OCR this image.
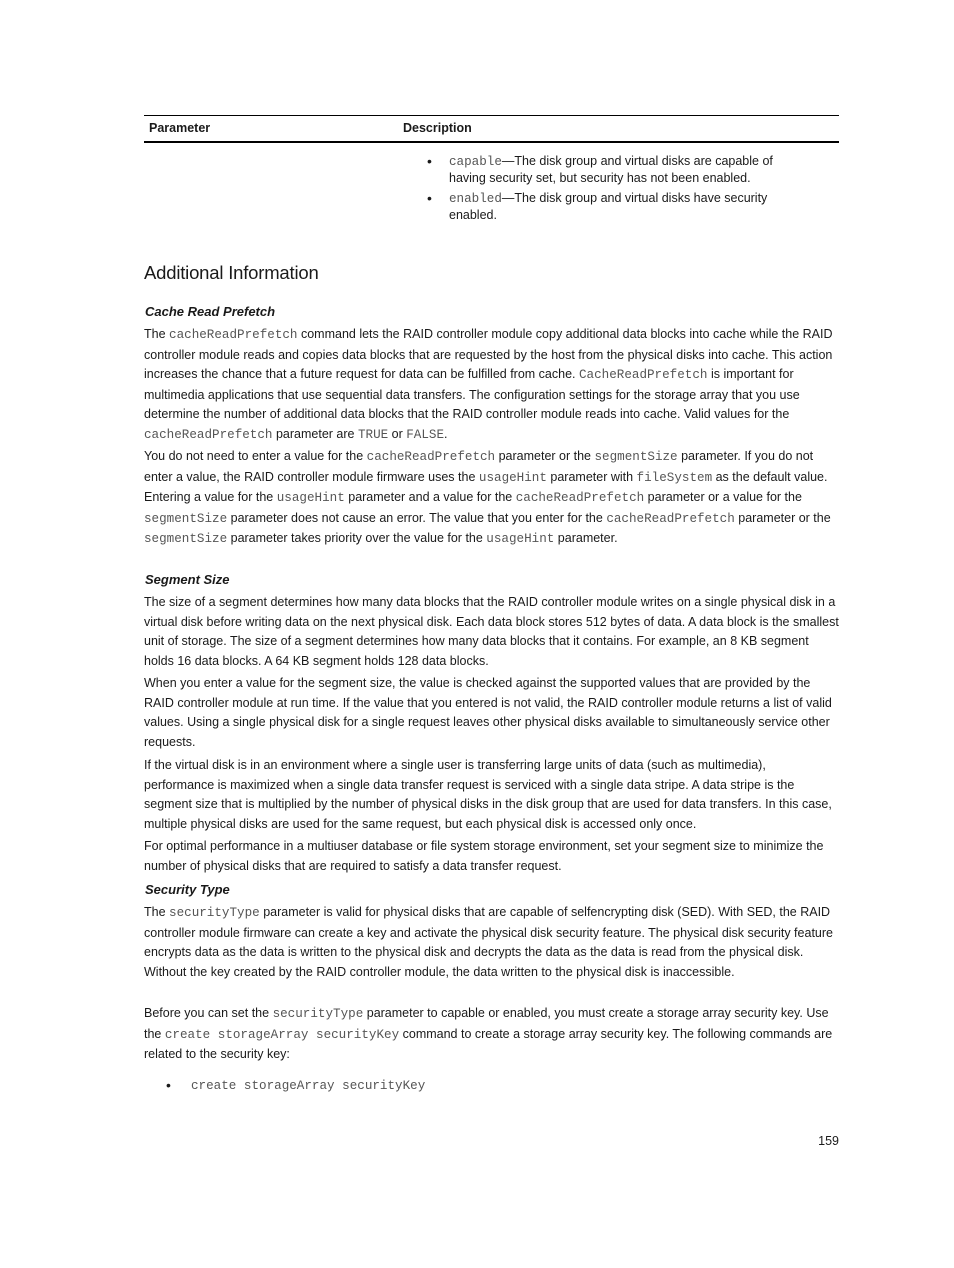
Parameter	Description
• capable—The disk group and virtual disks are capable of having security set, but security has not been enabled.
• enabled—The disk group and virtual disks have security enabled.
Additional Information
Cache Read Prefetch

The cacheReadPrefetch command lets the RAID controller module copy additional data blocks into cache while the RAID controller module reads and copies data blocks that are requested by the host from the physical disks into cache. This action increases the chance that a future request for data can be fulfilled from cache. CacheReadPrefetch is important for multimedia applications that use sequential data transfers. The configuration settings for the storage array that you use determine the number of additional data blocks that the RAID controller module reads into cache. Valid values for the cacheReadPrefetch parameter are TRUE or FALSE.

You do not need to enter a value for the cacheReadPrefetch parameter or the segmentSize parameter. If you do not enter a value, the RAID controller module firmware uses the usageHint parameter with fileSystem as the default value. Entering a value for the usageHint parameter and a value for the cacheReadPrefetch parameter or a value for the segmentSize parameter does not cause an error. The value that you enter for the cacheReadPrefetch parameter or the segmentSize parameter takes priority over the value for the usageHint parameter.

Segment Size

The size of a segment determines how many data blocks that the RAID controller module writes on a single physical disk in a virtual disk before writing data on the next physical disk. Each data block stores 512 bytes of data. A data block is the smallest unit of storage. The size of a segment determines how many data blocks that it contains. For example, an 8 KB segment holds 16 data blocks. A 64 KB segment holds 128 data blocks.

When you enter a value for the segment size, the value is checked against the supported values that are provided by the RAID controller module at run time. If the value that you entered is not valid, the RAID controller module returns a list of valid values. Using a single physical disk for a single request leaves other physical disks available to simultaneously service other requests.

If the virtual disk is in an environment where a single user is transferring large units of data (such as multimedia), performance is maximized when a single data transfer request is serviced with a single data stripe. A data stripe is the segment size that is multiplied by the number of physical disks in the disk group that are used for data transfers. In this case, multiple physical disks are used for the same request, but each physical disk is accessed only once.

For optimal performance in a multiuser database or file system storage environment, set your segment size to minimize the number of physical disks that are required to satisfy a data transfer request.

Security Type

The securityType parameter is valid for physical disks that are capable of selfencrypting disk (SED). With SED, the RAID controller module firmware can create a key and activate the physical disk security feature. The physical disk security feature encrypts data as the data is written to the physical disk and decrypts the data as the data is read from the physical disk. Without the key created by the RAID controller module, the data written to the physical disk is inaccessible.

Before you can set the securityType parameter to capable or enabled, you must create a storage array security key. Use the create storageArray securityKey command to create a storage array security key. The following commands are related to the security key:

• create storageArray securityKey
159
